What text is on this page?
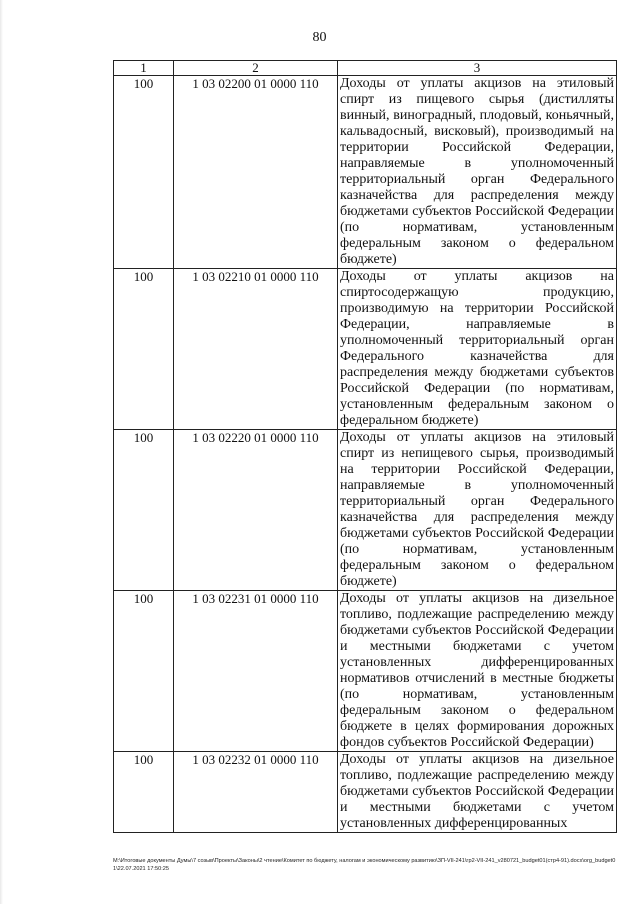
80
1	2	3
100	1 03 02200 01 0000 110	Доходы от уплаты акцизов на этиловый спирт из пищевого сырья (дистилляты винный, виноградный, плодовый, коньячный, кальвадосный, висковый), производимый на территории Российской Федерации, направляемые в уполномоченный территориальный орган Федерального казначейства для распределения между бюджетами субъектов Российской Федерации (по нормативам, установленным федеральным законом о федеральном бюджете)
100	1 03 02210 01 0000 110	Доходы от уплаты акцизов на спиртосодержащую продукцию, производимую на территории Российской Федерации, направляемые в уполномоченный территориальный орган Федерального казначейства для распределения между бюджетами субъектов Российской Федерации (по нормативам, установленным федеральным законом о федеральном бюджете)
100	1 03 02220 01 0000 110	Доходы от уплаты акцизов на этиловый спирт из непищевого сырья, производимый на территории Российской Федерации, направляемые в уполномоченный территориальный орган Федерального казначейства для распределения между бюджетами субъектов Российской Федерации (по нормативам, установленным федеральным законом о федеральном бюджете)
100	1 03 02231 01 0000 110	Доходы от уплаты акцизов на дизельное топливо, подлежащие распределению между бюджетами субъектов Российской Федерации и местными бюджетами с учетом установленных дифференцированных нормативов отчислений в местные бюджеты (по нормативам, установленным федеральным законом о федеральном бюджете в целях формирования дорожных фондов субъектов Российской Федерации)
100	1 03 02232 01 0000 110	Доходы от уплаты акцизов на дизельное топливо, подлежащие распределению между бюджетами субъектов Российской Федерации и местными бюджетами с учетом установленных дифференцированных
M:\Итоговые документы Думы\7 созыв\Проекты\Законы\2 чтение\Комитет по бюджету, налогам и экономическому развитию\ЗП-VII-241\гр2-VII-241_v280721_budget01(стр4-91).docx\org_budget01\22.07.2021 17:50:25
